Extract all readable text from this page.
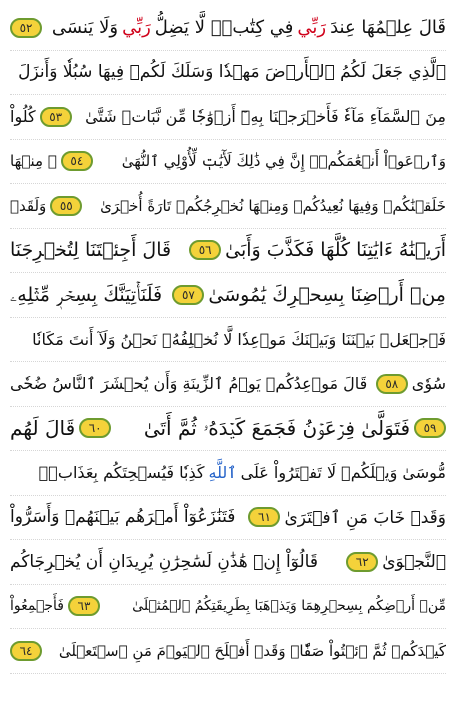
قَالَ عِلۡمُهَا عِندَ
رَبِّي
فِي كِتَٰبٖۖ لَّا يَضِلُّ
رَبِّي
وَلَا يَنسَى
٥٢
ٱلَّذِي جَعَلَ لَكُمُ ٱلۡأَرۡضَ مَهۡدٗا وَسَلَكَ لَكُمۡ فِيهَا سُبُلٗا وَأَنزَلَ
مِنَ ٱلسَّمَآءِ مَآءٗ فَأَخۡرَجۡنَا بِهِۦٓ أَزۡوَٰجٗا مِّن نَّبَاتٖ شَتَّىٰ
٥٣
كُلُواْ
وَٱرۡعَوۡاْ أَنۡعَٰمَكُمۡۚ إِنَّ فِي ذَٰلِكَ لَأٓيَٰتٖ لِّأُوْلِي ٱلنُّهَىٰ
٥٤
۞ مِنۡهَا
خَلَقۡنَٰكُمۡ وَفِيهَا نُعِيدُكُمۡ وَمِنۡهَا نُخۡرِجُكُمۡ تَارَةً أُخۡرَىٰ
٥٥
وَلَقَدۡ
أَرَيۡنَٰهُ ءَايَٰتِنَا كُلَّهَا فَكَذَّبَ وَأَبَىٰ
٥٦
قَالَ أَجِئۡتَنَا لِتُخۡرِجَنَا
مِنۡ أَرۡضِنَا بِسِحۡرِكَ يَٰمُوسَىٰ
٥٧
فَلَنَأۡتِيَنَّكَ بِسِحۡرٖ مِّثۡلِهِۦ
فَٱجۡعَلۡ بَيۡنَنَا وَبَيۡنَكَ مَوۡعِدٗا لَّا نُخۡلِفُهُۥ نَحۡنُ وَلَآ أَنتَ مَكَانٗا
سُوٗى
٥٨
قَالَ مَوۡعِدُكُمۡ يَوۡمُ ٱلزِّينَةِ وَأَن يُحۡشَرَ ٱلنَّاسُ ضُحٗى
٥٩
فَتَوَلَّىٰ فِرۡعَوۡنُ فَجَمَعَ كَيۡدَهُۥ ثُمَّ أَتَىٰ
٦٠
قَالَ لَهُم
مُّوسَىٰ وَيۡلَكُمۡ لَا تَفۡتَرُواْ عَلَى
ٱللَّهِ
كَذِبٗا فَيُسۡحِتَكُم بِعَذَابٖۖ
وَقَدۡ خَابَ مَنِ ٱفۡتَرَىٰ
٦١
فَتَنَٰزَعُوٓاْ أَمۡرَهُم بَيۡنَهُمۡ وَأَسَرُّواْ
ٱلنَّجۡوَىٰ
٦٢
قَالُوٓاْ إِنۡ هَٰذَٰنِ لَسَٰحِرَٰنِ يُرِيدَانِ أَن يُخۡرِجَاكُم
مِّنۡ أَرۡضِكُم بِسِحۡرِهِمَا وَيَذۡهَبَا بِطَرِيقَتِكُمُ ٱلۡمُثۡلَىٰ
٦٣
فَأَجۡمِعُواْ
كَيۡدَكُمۡ ثُمَّ ٱئۡتُواْ صَفّٗاۚ وَقَدۡ أَفۡلَحَ ٱلۡيَوۡمَ مَنِ ٱسۡتَعۡلَىٰ
٦٤
